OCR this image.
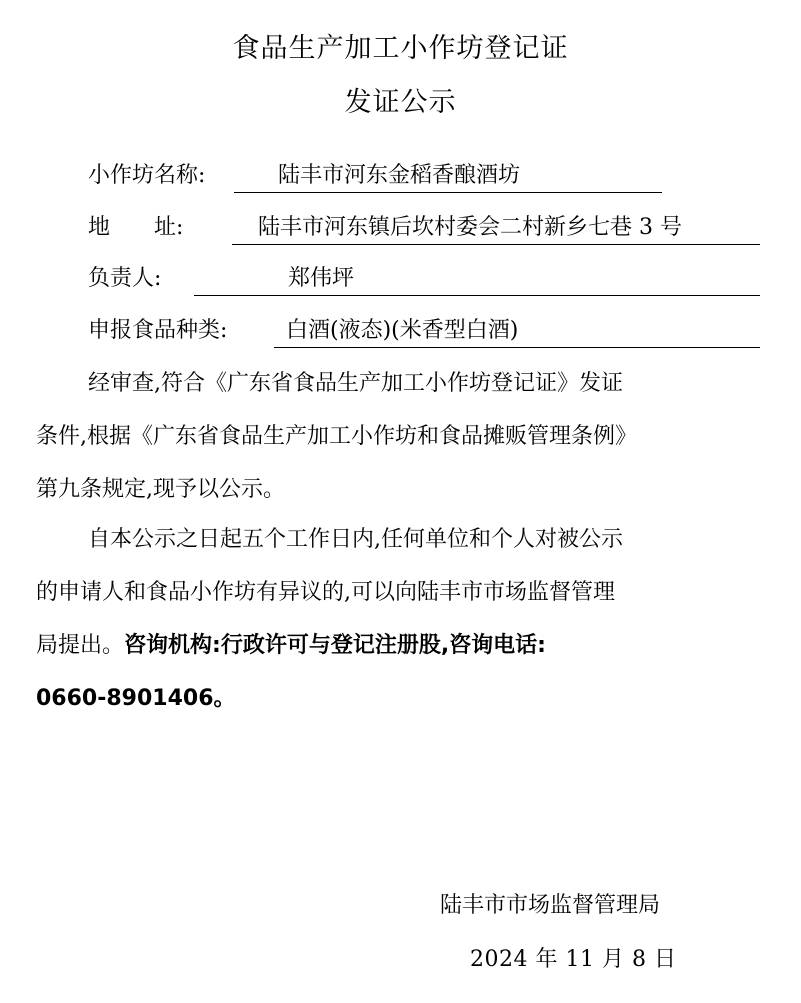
食品生产加工小作坊登记证
发证公示
小作坊名称:	陆丰市河东金稻香酿酒坊
地　　址:	陆丰市河东镇后坎村委会二村新乡七巷 3 号
负责人:	郑伟坪
申报食品种类:	白酒(液态)(米香型白酒)
经审查,符合《广东省食品生产加工小作坊登记证》发证
条件,根据《广东省食品生产加工小作坊和食品摊贩管理条例》
第九条规定,现予以公示。
自本公示之日起五个工作日内,任何单位和个人对被公示
的申请人和食品小作坊有异议的,可以向陆丰市市场监督管理
局提出。咨询机构:行政许可与登记注册股,咨询电话:
0660-8901406。
陆丰市市场监督管理局
2024 年 11 月 8 日
